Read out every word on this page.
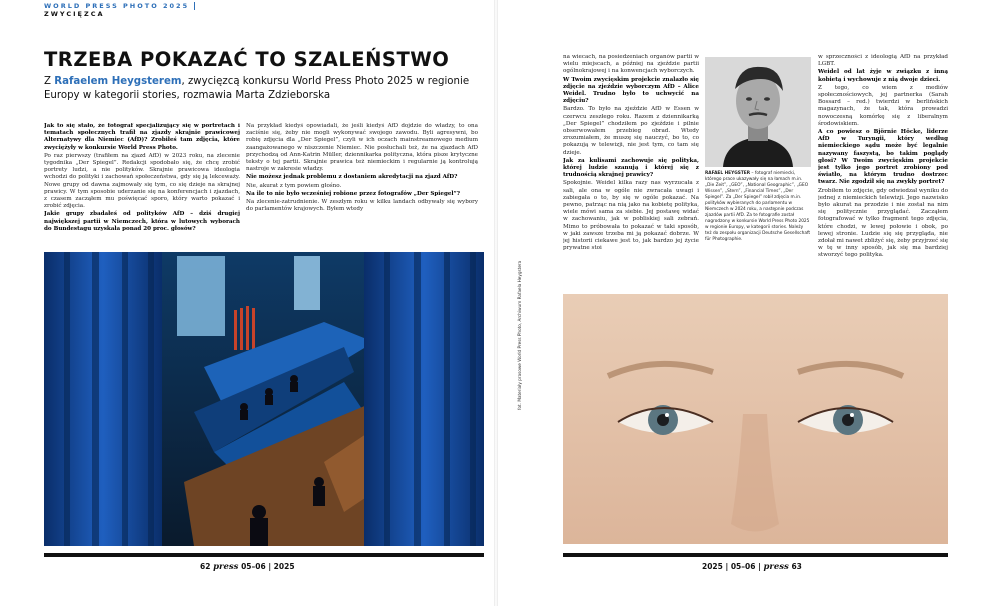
WORLD PRESS PHOTO 2025ZWYCIĘZCA
TRZEBA POKAZAĆ TO SZALEŃSTWO
Z Rafaelem Heygsterem, zwycięzcą konkursu World Press Photo 2025 w regionie Europy w kategorii stories, rozmawia Marta Zdzieborska

Jak to się stało, że fotograf specjalizujący się w portretach i tematach społecznych trafił na zjazdy skrajnie prawicowej Alternatywy dla Niemiec (AfD)? Zrobiłeś tam zdjęcia, które zwyciężyły w konkursie World Press Photo.

Po raz pierwszy (trafiłem na zjazd AfD) w 2023 roku, na zlecenie tygodnika „Der Spiegel”. Redakcji spodobało się, że chcę zrobić portrety ludzi, a nie polityków. Skrajnie prawicowa ideologia wchodzi do polityki i zachowań społeczeństwa, gdy się ją lekceważy. Nowe grupy od dawna zajmowały się tym, co się dzieje na skrajnej prawicy. W tym sposobie uderzanie się na konferencjach i zjazdach, z czasem zacząłem mu poświęcać sporo, który warto pokazać i zrobić zdjęcia.

Jakie grupy zbadałeś od polityków AfD – dziś drugiej największej partii w Niemczech, która w lutowych wyborach do Bundestagu uzyskała ponad 20 proc. głosów?

Na przykład kiedyś opowiadali, że jeśli kiedyś AfD dojdzie do władzy, to ona zaciśnie się, żeby nie mogli wykonywać swojego zawodu. Byli agresywni, bo robię zdjęcia dla „Der Spiegel”, czyli w ich oczach mainstreamowego medium zaangażowanego w niszczenie Niemiec. Nie posłuchali też, że na zjazdach AfD przychodzą od Ann-Katrin Müller, dziennikarka polityczna, która pisze krytyczne teksty o tej partii. Skrajnie prawica też niemieckim i regularnie ją kontrolują nastroje w zakresie władzy.

Nie możesz jednak problemu z dostaniem akredytacji na zjazd AfD?

Nie, akurat z tym powiem głośno.

Na ile to nie było wcześniej robione przez fotografów „Der Spiegel”?

Na zlecenie-zatrudnienie. W zeszłym roku w kilku landach odbywały się wybory do parlamentów krajowych. Byłem wtedy

na wiecach, na posiedzeniach organów partii w wielu miejscach, a później na zjeździe partii ogólnokrajowej i na konwencjach wyborczych.

W Twoim zwycięskim projekcie znalazło się zdjęcie na zjeździe wyborczym AfD – Alice Weidel. Trudno było to uchwycić na zdjęciu?

Bardzo. To było na zjeździe AfD w Essen w czerwcu zeszłego roku. Razem z dziennikarką „Der Spiegel” chodziłem po zjeździe i pilnie obserwowałem przebieg obrad. Wtedy zrozumiałem, że muszę się nauczyć, bo to, co pokazują w telewizji, nie jest tym, co tam się dzieje.

Jak za kulisami zachowuje się polityka, której ludzie szanują i której się z trudnością skrajnej prawicy?

Spokojnie. Weidel kilka razy nas wyrzucała z sali, ale ona w ogóle nie zwracała uwagi i zabiegała o to, by się w ogóle pokazać. Na pewno, patrząc na nią jako na kobietę polityka, wiele mówi sama za siebie. Jej postawę widać w zachowaniu, jak w pobliskiej sali zebrań. Mimo to próbowała to pokazać w taki sposób, w jaki zawsze trzeba mi ją pokazać dobrze. W jej historii ciekawe jest to, jak bardzo jej życie prywatne stoi

w sprzeczności z ideologią AfD na przykład LGBT.

Weidel od lat żyje w związku z inną kobietą i wychowuje z nią dwoje dzieci.

Z tego, co wiem z mediów społecznościowych, jej partnerka (Sarah Bossard – red.) twierdzi w berlińskich magazynach, że tak, która prowadzi nowoczesną komórkę się z liberalnym środowiskiem.

A co powiesz o Björnie Höcke, liderze AfD w Turyngii, który według niemieckiego sądu może być legalnie nazywany faszystą, bo takim poglądy głosi? W Twoim zwycięskim projekcie jest tylko jego portret zrobiony pod światło, na którym trudno dostrzec twarz. Nie zgodził się na zwykły portret?

Zrobiłem to zdjęcie, gdy odwiedzał wyniku do jednej z niemieckich telewizji. Jego nazwisko było akurat na przodzie i nie został na nim się politycznie przyglądać. Zacząłem fotografować w tylko fragment tego zdjęcia, które chodzi, w lewej połowie i obok, po lewej stronie. Ludzie się się przygląda, nie zdołał mi nawet zbliżyć się, żeby przyjrzeć się w tę w inny sposób, jak się ma bardziej stworzyć tego polityka.

fot. Materiały prasowe World Press Photo, Archiwum Rafaela Heygstera
RAFAEL HEYGSTER – fotograf niemiecki, którego prace ukazywały się na łamach m.in. „Die Zeit”, „GEO”, „National Geographic”, „GEO Wissen”, „Stern”, „Financial Times”, „Der Spiegel”. Za „Der Spiegel” robił zdjęcia m.in. polityków wybieranych do parlamentu w Niemczech w 2024 roku, a następnie podczas zjazdów partii AfD. Za te fotografie został nagrodzony w konkursie World Press Photo 2025 w regionie Europy, w kategorii stories. Należy też do zespołu organizacji Deutsche Gesellschaft für Photographie.
62 press 05–06 | 2025	2025 | 05–06 | press 63
